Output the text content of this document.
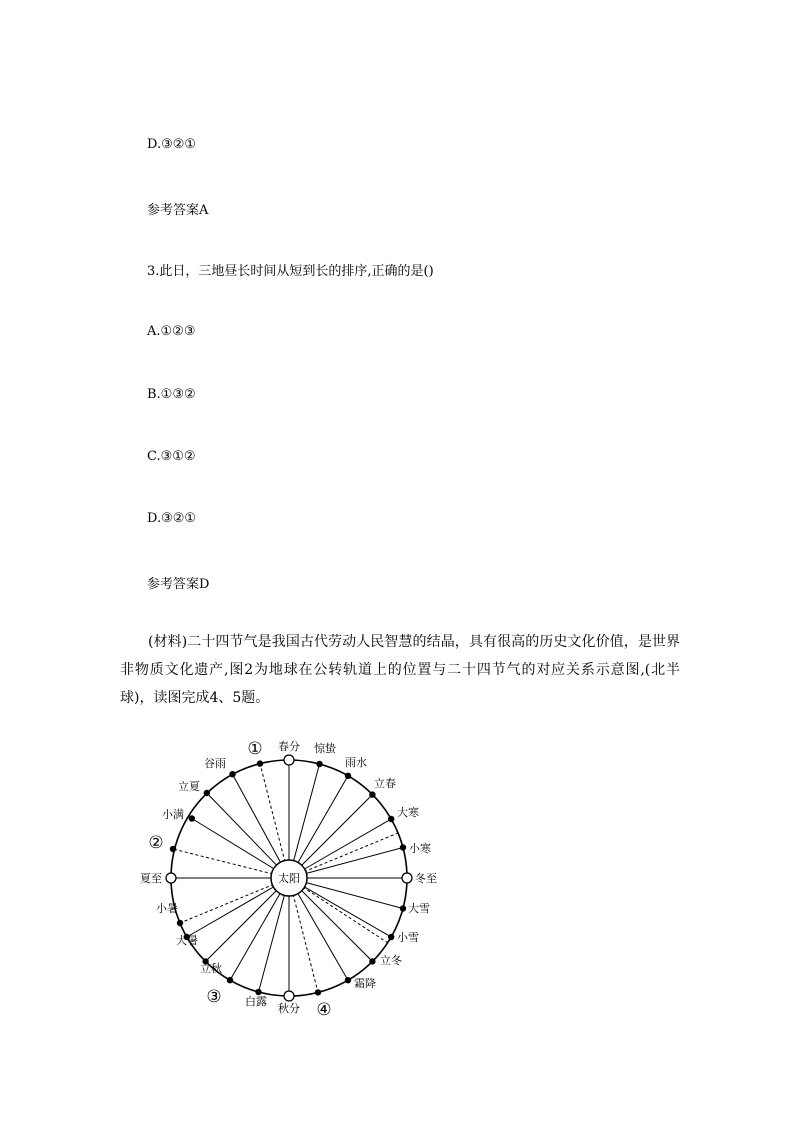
D.③②①
参考答案A
3.此日，三地昼长时间从短到长的排序,正确的是()
A.①②③
B.①③②
C.③①②
D.③②①
参考答案D

(材料)二十四节气是我国古代劳动人民智慧的结晶，具有很高的历史文化价值，是世界非物质文化遗产,图2为地球在公转轨道上的位置与二十四节气的对应关系示意图,(北半球)，读图完成4、5题。

太阳
春分 惊蛰
雨水
立春
大寒
小寒
冬至
大雪
小雪
立冬
霜降
秋分
白露
立秋
大暑
小暑
夏至
小满
立夏
谷雨
①
②
③
④
